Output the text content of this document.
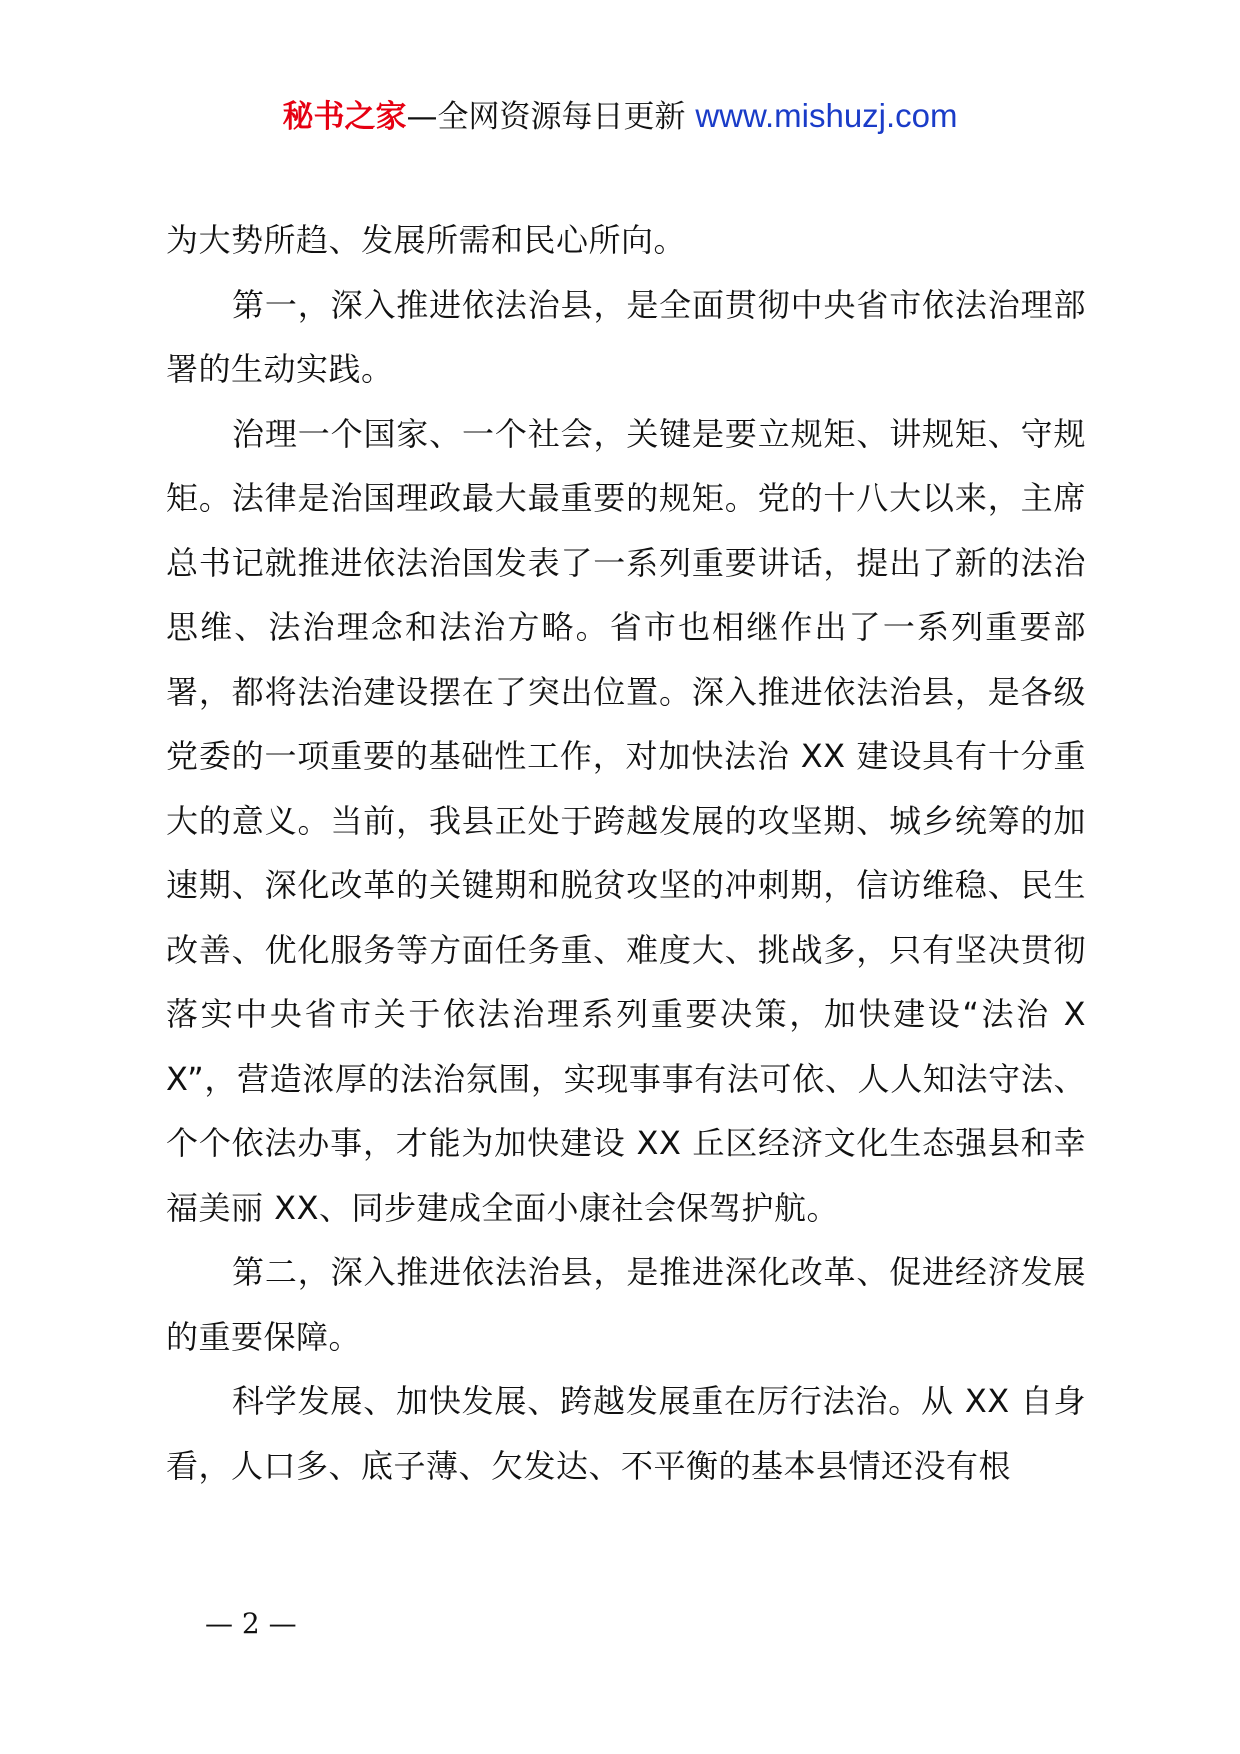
秘书之家—全网资源每日更新 www.mishuzj.com

为大势所趋、发展所需和民心所向。

第一，深入推进依法治县，是全面贯彻中央省市依法治理部署的生动实践。

治理一个国家、一个社会，关键是要立规矩、讲规矩、守规矩。法律是治国理政最大最重要的规矩。党的十八大以来，主席总书记就推进依法治国发表了一系列重要讲话，提出了新的法治思维、法治理念和法治方略。省市也相继作出了一系列重要部署，都将法治建设摆在了突出位置。深入推进依法治县，是各级党委的一项重要的基础性工作，对加快法治 XX 建设具有十分重大的意义。当前，我县正处于跨越发展的攻坚期、城乡统筹的加速期、深化改革的关键期和脱贫攻坚的冲刺期，信访维稳、民生改善、优化服务等方面任务重、难度大、挑战多，只有坚决贯彻落实中央省市关于依法治理系列重要决策，加快建设“法治 XX”，营造浓厚的法治氛围，实现事事有法可依、人人知法守法、个个依法办事，才能为加快建设 XX 丘区经济文化生态强县和幸福美丽 XX、同步建成全面小康社会保驾护航。

第二，深入推进依法治县，是推进深化改革、促进经济发展的重要保障。

科学发展、加快发展、跨越发展重在厉行法治。从 XX 自身看，人口多、底子薄、欠发达、不平衡的基本县情还没有根

— 2 —
